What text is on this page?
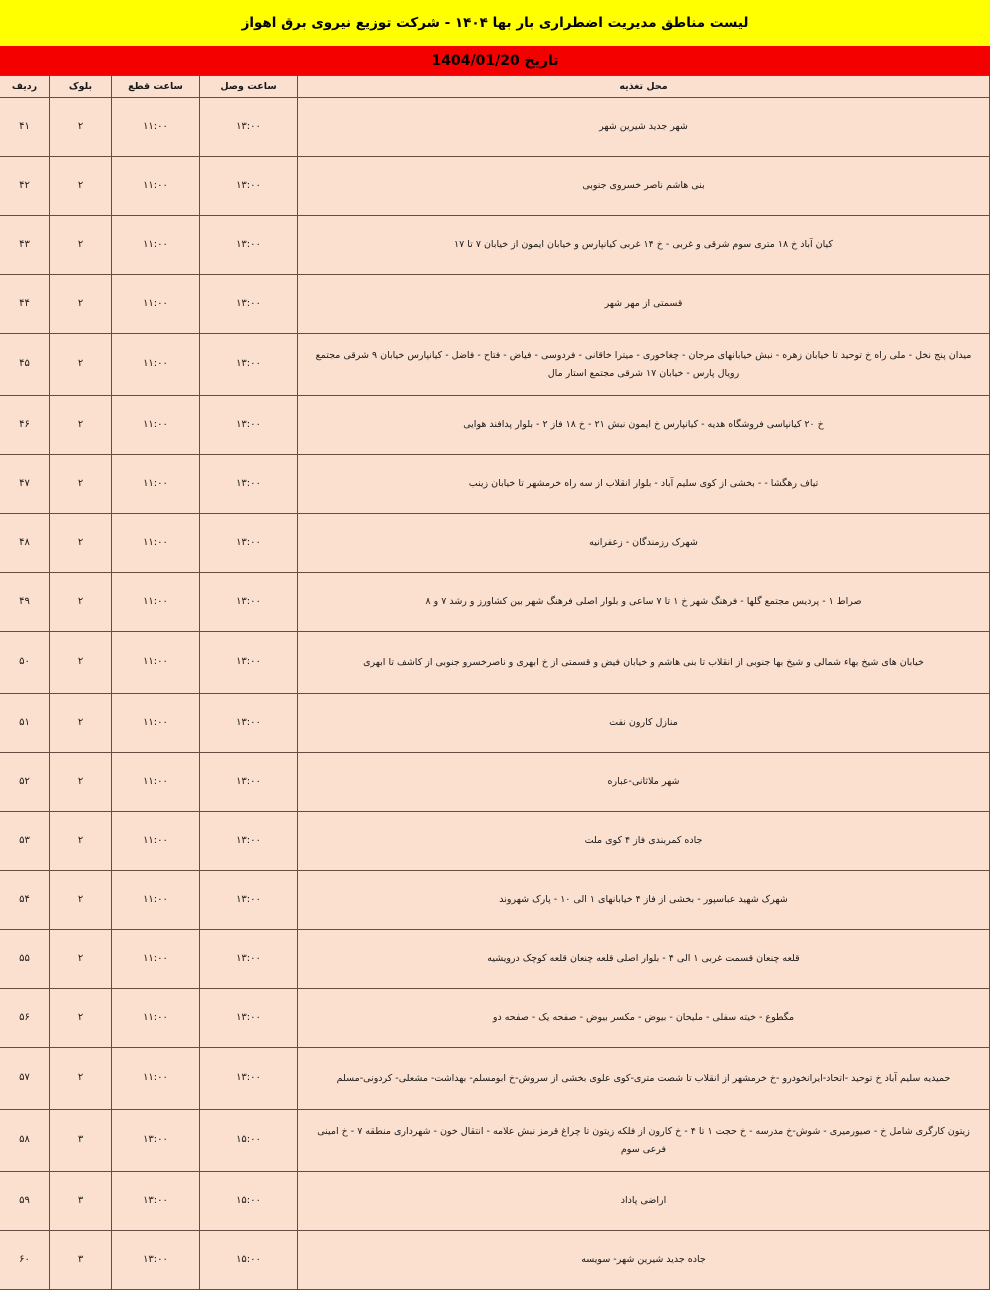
لیست مناطق مدیریت اضطراری بار بها ۱۴۰۴ - شرکت توزیع نیروی برق اهواز
تاریخ 1404/01/20
محل تغذیه	ساعت وصل	ساعت قطع	بلوک	ردیف
شهر جدید شیرین شهر	۱۳:۰۰	۱۱:۰۰	۲	۴۱
بنی هاشم ناصر خسروی جنوبی	۱۳:۰۰	۱۱:۰۰	۲	۴۲
کیان آباد خ ۱۸ متری سوم شرقی و غربی - خ ۱۴ غربی کیانپارس و خیابان ایمون از خیابان ۷ تا ۱۷	۱۳:۰۰	۱۱:۰۰	۲	۴۳
قسمتی از مهر شهر	۱۳:۰۰	۱۱:۰۰	۲	۴۴
میدان پنج نخل - ملی راه خ توحید تا خیابان زهره - نبش خیابانهای مرجان - چغاخوری - میترا خاقانی - فردوسی - فیاض - فتاح - فاضل - کیانپارس خیابان ۹ شرقی مجتمع رویال پارس - خیابان ۱۷ شرقی مجتمع استار مال	۱۳:۰۰	۱۱:۰۰	۲	۴۵
خ ۲۰ کیانپاسی فروشگاه هدیه - کیانپارس خ ایمون نبش ۲۱ - خ ۱۸ فاز ۲ - بلوار پدافند هوایی	۱۳:۰۰	۱۱:۰۰	۲	۴۶
تیاف رهگشا - - بخشی از کوی سلیم آباد - بلوار انقلاب از سه راه خرمشهر تا خیابان زینب	۱۳:۰۰	۱۱:۰۰	۲	۴۷
شهرک رزمندگان - زعفرانیه	۱۳:۰۰	۱۱:۰۰	۲	۴۸
صراط ۱ - پردیس مجتمع گلها - فرهنگ شهر خ ۱ تا ۷ ساعی و بلوار اصلی فرهنگ شهر بین کشاورز و رشد ۷ و ۸	۱۳:۰۰	۱۱:۰۰	۲	۴۹
خیابان های شیخ بهاء شمالی و شیخ بها جنوبی از انقلاب تا بنی هاشم و خیابان فیض و قسمتی از خ ابهری و ناصرخسرو جنوبی از کاشف تا ابهری	۱۳:۰۰	۱۱:۰۰	۲	۵۰
منازل کارون نفت	۱۳:۰۰	۱۱:۰۰	۲	۵۱
شهر ملاثانی-عباره	۱۳:۰۰	۱۱:۰۰	۲	۵۲
جاده کمربندی فاز ۴ کوی ملت	۱۳:۰۰	۱۱:۰۰	۲	۵۳
شهرک شهید عباسپور - بخشی از فاز ۴ خیابانهای ۱ الی ۱۰ - پارک شهروند	۱۳:۰۰	۱۱:۰۰	۲	۵۴
قلعه چنعان قسمت غربی ۱ الی ۴ - بلوار اصلی قلعه چنعان قلعه کوچک درویشیه	۱۳:۰۰	۱۱:۰۰	۲	۵۵
مگطوع - خیته سفلی - ملیحان - بیوض - مکسر بیوض - صفحه یک - صفحه دو	۱۳:۰۰	۱۱:۰۰	۲	۵۶
حمیدیه سلیم آباد خ توحید -اتحاد-ایرانخودرو -خ خرمشهر از انقلاب تا شصت متری-کوی علوی بخشی از سروش-خ ابومسلم- بهداشت- مشعلی- کردونی-مسلم	۱۳:۰۰	۱۱:۰۰	۲	۵۷
زیتون کارگری شامل خ - صیورمیری - شوش-خ مدرسه - خ حجت ۱ تا ۴ - خ کارون از فلکه زیتون تا چراغ قرمز نبش علامه - انتقال خون - شهرداری منطقه ۷ - خ امینی فرعی سوم	۱۵:۰۰	۱۳:۰۰	۳	۵۸
اراضی پاداد	۱۵:۰۰	۱۳:۰۰	۳	۵۹
جاده جدید شیرین شهر- سویسه	۱۵:۰۰	۱۳:۰۰	۳	۶۰
